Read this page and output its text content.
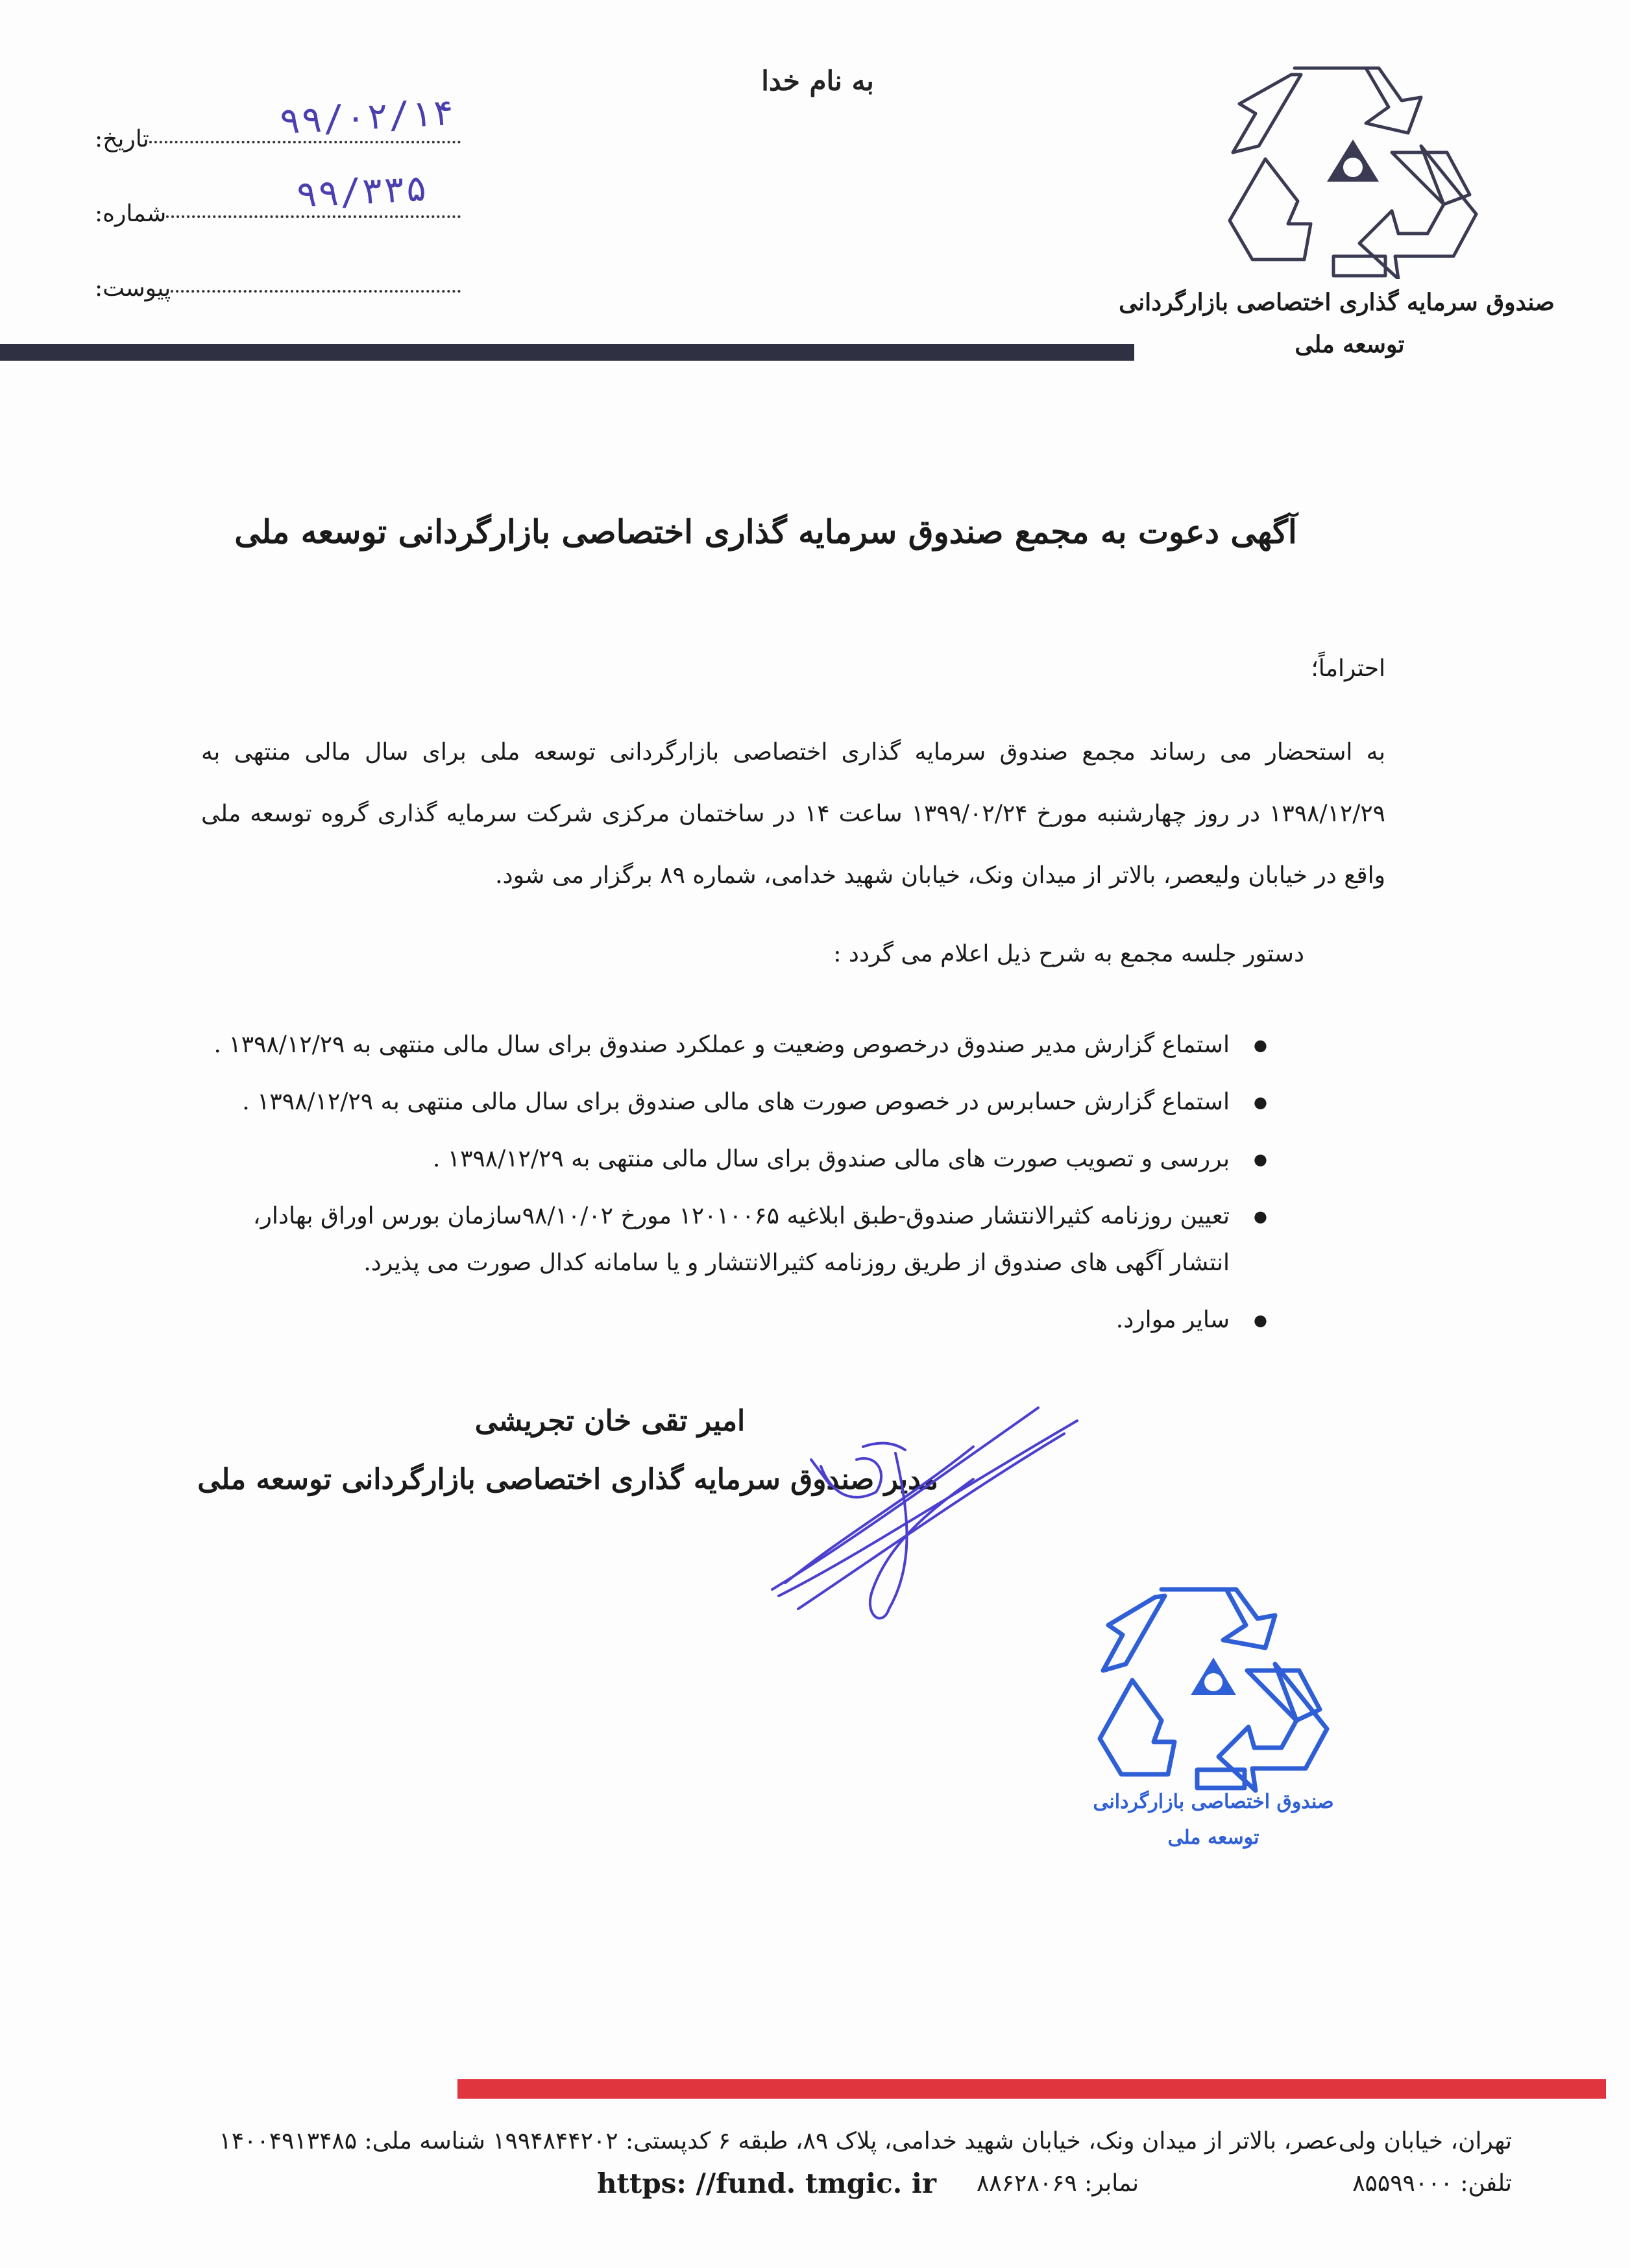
به نام خدا
تاریخ:	۹۹/۰۲/۱۴
شماره:	۹۹/۳۳۵
پیوست:
صندوق سرمایه گذاری اختصاصی بازارگردانی
توسعه ملی
آگهی دعوت به مجمع صندوق سرمایه گذاری اختصاصی بازارگردانی توسعه ملی
احتراماً؛
به استحضار می رساند مجمع صندوق سرمایه گذاری اختصاصی بازارگردانی توسعه ملی برای سال مالی منتهی به ۱۳۹۸/۱۲/۲۹ در روز چهارشنبه مورخ ۱۳۹۹/۰۲/۲۴ ساعت ۱۴ در ساختمان مرکزی شرکت سرمایه گذاری گروه توسعه ملی واقع در خیابان ولیعصر، بالاتر از میدان ونک، خیابان شهید خدامی، شماره ۸۹ برگزار می شود.
دستور جلسه مجمع به شرح ذیل اعلام می گردد :
● استماع گزارش مدیر صندوق درخصوص وضعیت و عملکرد صندوق برای سال مالی منتهی به ۱۳۹۸/۱۲/۲۹ .
● استماع گزارش حسابرس در خصوص صورت های مالی صندوق برای سال مالی منتهی به ۱۳۹۸/۱۲/۲۹ .
● بررسی و تصویب صورت های مالی صندوق برای سال مالی منتهی به ۱۳۹۸/۱۲/۲۹ .
● تعیین روزنامه کثیرالانتشار صندوق-طبق ابلاغیه ۱۲۰۱۰۰۶۵ مورخ ۹۸/۱۰/۰۲سازمان بورس اوراق بهادار، انتشار آگهی های صندوق از طریق روزنامه کثیرالانتشار و یا سامانه کدال صورت می پذیرد.
● سایر موارد.
امیر تقی خان تجریشی
مدیر صندوق سرمایه گذاری اختصاصی بازارگردانی توسعه ملی
صندوق اختصاصی بازارگردانی
توسعه ملی
تهران، خیابان ولی‌عصر، بالاتر از میدان ونک، خیابان شهید خدامی، پلاک ۸۹، طبقه ۶ کدپستی: ۱۹۹۴۸۴۴۲۰۲ شناسه ملی: ۱۴۰۰۴۹۱۳۴۸۵
تلفن: ۸۵۵۹۹۰۰۰
نمابر: ۸۸۶۲۸۰۶۹
https: //fund. tmgic. ir
